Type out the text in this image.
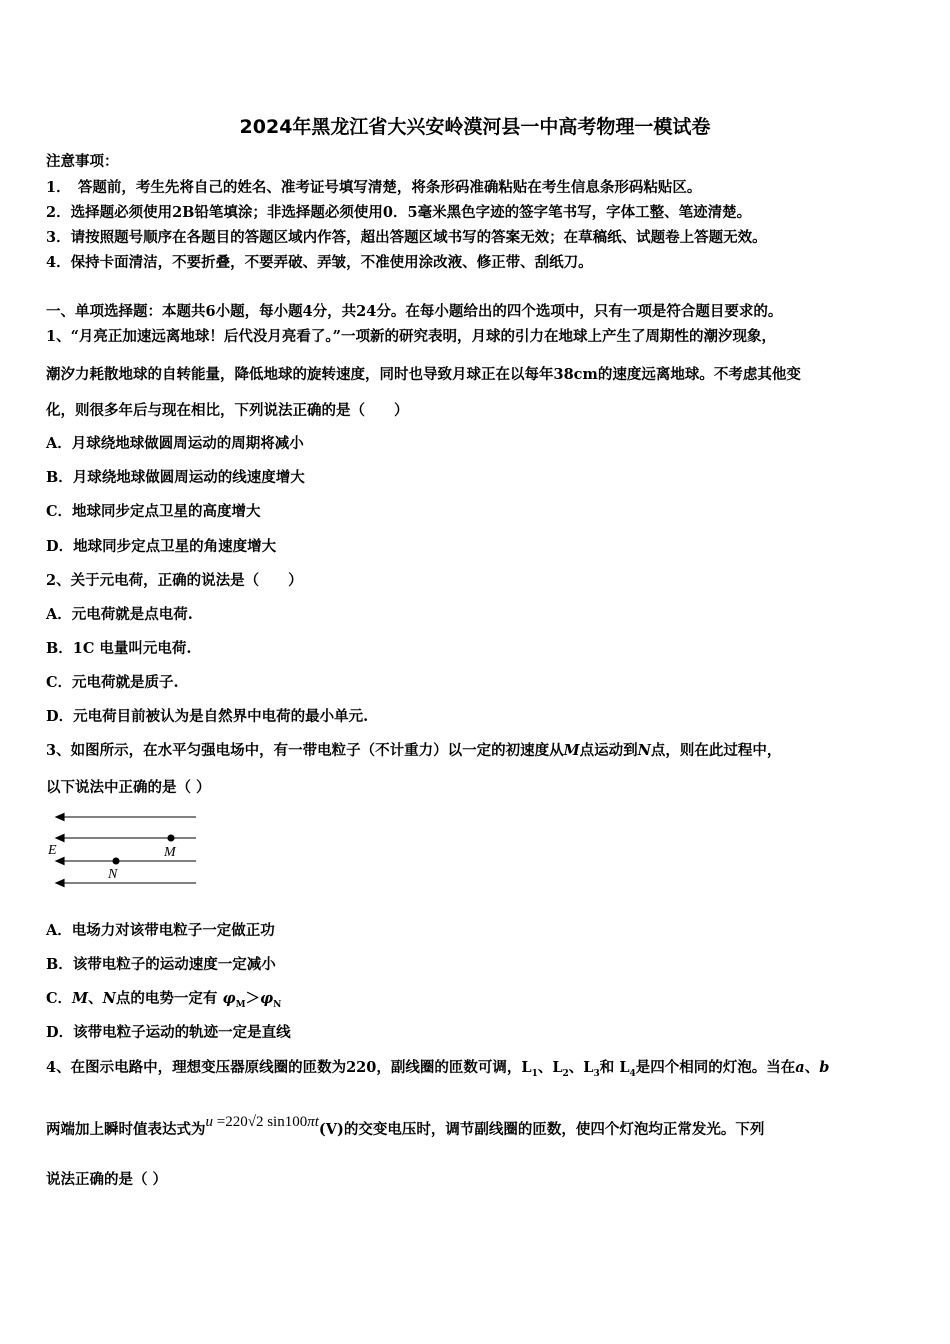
2024年黑龙江省大兴安岭漠河县一中高考物理一模试卷
注意事项：
1．　答题前，考生先将自己的姓名、准考证号填写清楚，将条形码准确粘贴在考生信息条形码粘贴区。
2．选择题必须使用2B铅笔填涂；非选择题必须使用0．5毫米黑色字迹的签字笔书写，字体工整、笔迹清楚。
3．请按照题号顺序在各题目的答题区域内作答，超出答题区域书写的答案无效；在草稿纸、试题卷上答题无效。
4．保持卡面清洁，不要折叠，不要弄破、弄皱，不准使用涂改液、修正带、刮纸刀。
一、单项选择题：本题共6小题，每小题4分，共24分。在每小题给出的四个选项中，只有一项是符合题目要求的。
1、“月亮正加速远离地球！后代没月亮看了。”一项新的研究表明，月球的引力在地球上产生了周期性的潮汐现象，
潮汐力耗散地球的自转能量，降低地球的旋转速度，同时也导致月球正在以每年38cm的速度远离地球。不考虑其他变
化，则很多年后与现在相比，下列说法正确的是（　　）
A．月球绕地球做圆周运动的周期将减小
B．月球绕地球做圆周运动的线速度增大
C．地球同步定点卫星的高度增大
D．地球同步定点卫星的角速度增大
2、关于元电荷，正确的说法是（　　）
A．元电荷就是点电荷.
B．1C 电量叫元电荷.
C．元电荷就是质子.
D．元电荷目前被认为是自然界中电荷的最小单元.
3、如图所示，在水平匀强电场中，有一带电粒子（不计重力）以一定的初速度从M点运动到N点，则在此过程中，
以下说法中正确的是（ ）
E	M
N
A．电场力对该带电粒子一定做正功
B．该带电粒子的运动速度一定减小
C．M、N点的电势一定有 $\varphi_M>\varphi_N$
D．该带电粒子运动的轨迹一定是直线
4、在图示电路中，理想变压器原线圈的匝数为220，副线圈的匝数可调，$L_1$、$L_2$、$L_3$和 $L_4$是四个相同的灯泡。当在a、b
两端加上瞬时值表达式为u =220√2 sin100πt(V)的交变电压时，调节副线圈的匝数，使四个灯泡均正常发光。下列
说法正确的是（ ）
